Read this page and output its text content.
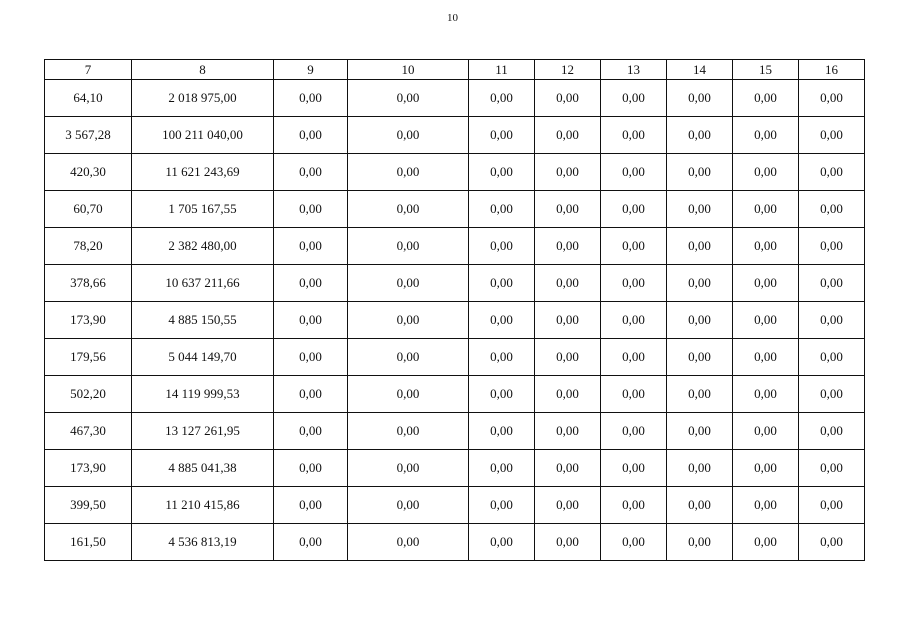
10
7	8	9	10	11	12	13	14	15	16
64,10	2 018 975,00	0,00	0,00	0,00	0,00	0,00	0,00	0,00	0,00
3 567,28	100 211 040,00	0,00	0,00	0,00	0,00	0,00	0,00	0,00	0,00
420,30	11 621 243,69	0,00	0,00	0,00	0,00	0,00	0,00	0,00	0,00
60,70	1 705 167,55	0,00	0,00	0,00	0,00	0,00	0,00	0,00	0,00
78,20	2 382 480,00	0,00	0,00	0,00	0,00	0,00	0,00	0,00	0,00
378,66	10 637 211,66	0,00	0,00	0,00	0,00	0,00	0,00	0,00	0,00
173,90	4 885 150,55	0,00	0,00	0,00	0,00	0,00	0,00	0,00	0,00
179,56	5 044 149,70	0,00	0,00	0,00	0,00	0,00	0,00	0,00	0,00
502,20	14 119 999,53	0,00	0,00	0,00	0,00	0,00	0,00	0,00	0,00
467,30	13 127 261,95	0,00	0,00	0,00	0,00	0,00	0,00	0,00	0,00
173,90	4 885 041,38	0,00	0,00	0,00	0,00	0,00	0,00	0,00	0,00
399,50	11 210 415,86	0,00	0,00	0,00	0,00	0,00	0,00	0,00	0,00
161,50	4 536 813,19	0,00	0,00	0,00	0,00	0,00	0,00	0,00	0,00
